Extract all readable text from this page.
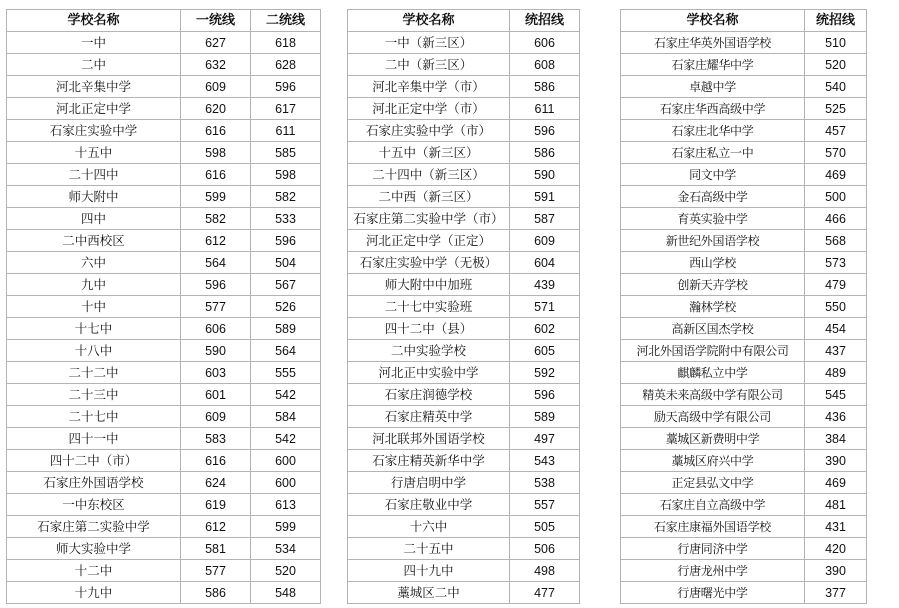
学校名称	一统线	二统线
一中	627	618
二中	632	628
河北辛集中学	609	596
河北正定中学	620	617
石家庄实验中学	616	611
十五中	598	585
二十四中	616	598
师大附中	599	582
四中	582	533
二中西校区	612	596
六中	564	504
九中	596	567
十中	577	526
十七中	606	589
十八中	590	564
二十二中	603	555
二十三中	601	542
二十七中	609	584
四十一中	583	542
四十二中（市）	616	600
石家庄外国语学校	624	600
一中东校区	619	613
石家庄第二实验中学	612	599
师大实验中学	581	534
十二中	577	520
十九中	586	548
学校名称	统招线
一中（新三区）	606
二中（新三区）	608
河北辛集中学（市）	586
河北正定中学（市）	611
石家庄实验中学（市）	596
十五中（新三区）	586
二十四中（新三区）	590
二中西（新三区）	591
石家庄第二实验中学（市）	587
河北正定中学（正定）	609
石家庄实验中学（无极）	604
师大附中中加班	439
二十七中实验班	571
四十二中（县）	602
二中实验学校	605
河北正中实验中学	592
石家庄润德学校	596
石家庄精英中学	589
河北联邦外国语学校	497
石家庄精英新华中学	543
行唐启明中学	538
石家庄敬业中学	557
十六中	505
二十五中	506
四十九中	498
藁城区二中	477
学校名称	统招线
石家庄华英外国语学校	510
石家庄耀华中学	520
卓越中学	540
石家庄华西高级中学	525
石家庄北华中学	457
石家庄私立一中	570
同文中学	469
金石高级中学	500
育英实验中学	466
新世纪外国语学校	568
西山学校	573
创新天卉学校	479
瀚林学校	550
高新区国杰学校	454
河北外国语学院附中有限公司	437
麒麟私立中学	489
精英未来高级中学有限公司	545
励天高级中学有限公司	436
藁城区新费明中学	384
藁城区府兴中学	390
正定县弘文中学	469
石家庄自立高级中学	481
石家庄康福外国语学校	431
行唐同济中学	420
行唐龙州中学	390
行唐曙光中学	377
